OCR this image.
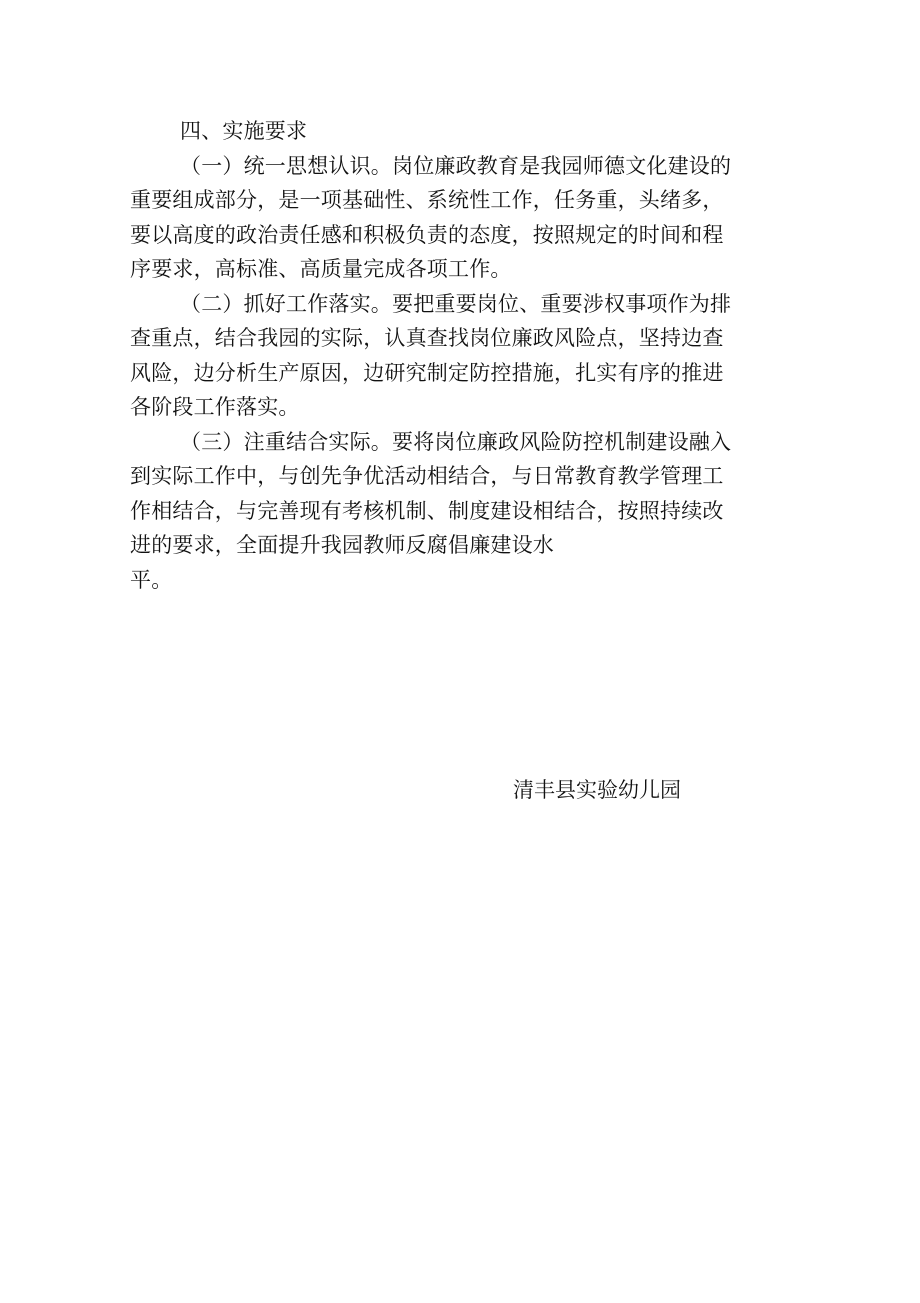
四、实施要求
（一）统一思想认识。岗位廉政教育是我园师德文化建设的
重要组成部分，是一项基础性、系统性工作，任务重，头绪多，
要以高度的政治责任感和积极负责的态度，按照规定的时间和程
序要求，高标准、高质量完成各项工作。
（二）抓好工作落实。要把重要岗位、重要涉权事项作为排
查重点，结合我园的实际，认真查找岗位廉政风险点，坚持边查
风险，边分析生产原因，边研究制定防控措施，扎实有序的推进
各阶段工作落实。
（三）注重结合实际。要将岗位廉政风险防控机制建设融入
到实际工作中，与创先争优活动相结合，与日常教育教学管理工
作相结合，与完善现有考核机制、制度建设相结合，按照持续改
进的要求，全面提升我园教师反腐倡廉建设水
平。
清丰县实验幼儿园
